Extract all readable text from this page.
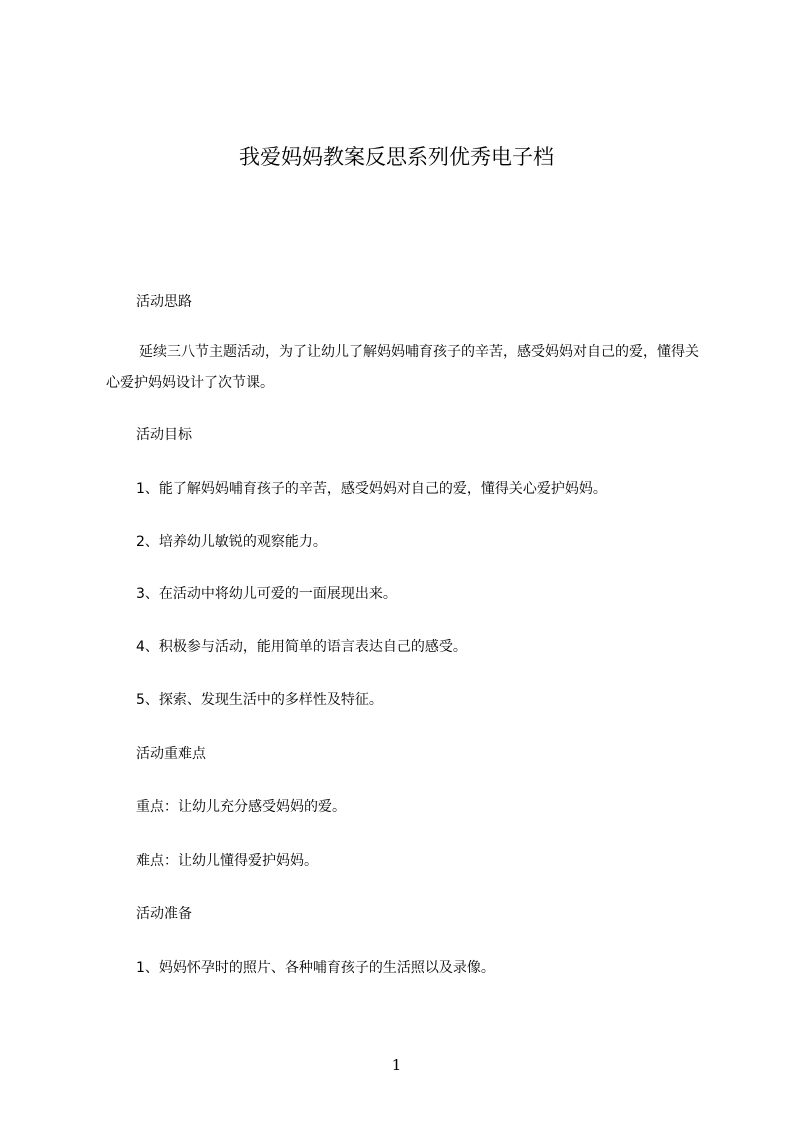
我爱妈妈教案反思系列优秀电子档
活动思路
延续三八节主题活动，为了让幼儿了解妈妈哺育孩子的辛苦，感受妈妈对自己的爱，懂得关心爱护妈妈设计了次节课。
活动目标
1、能了解妈妈哺育孩子的辛苦，感受妈妈对自己的爱，懂得关心爱护妈妈。
2、培养幼儿敏锐的观察能力。
3、在活动中将幼儿可爱的一面展现出来。
4、积极参与活动，能用简单的语言表达自己的感受。
5、探索、发现生活中的多样性及特征。
活动重难点
重点：让幼儿充分感受妈妈的爱。
难点：让幼儿懂得爱护妈妈。
活动准备
1、妈妈怀孕时的照片、各种哺育孩子的生活照以及录像。
1
